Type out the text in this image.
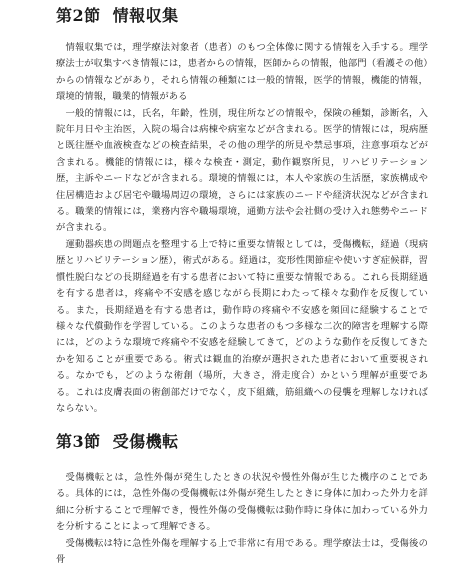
第2節 情報収集

情報収集では，理学療法対象者（患者）のもつ全体像に関する情報を入手する。理学療法士が収集すべき情報には，患者からの情報，医師からの情報，他部門（看護その他）からの情報などがあり，それら情報の種類には一般的情報，医学的情報，機能的情報，環境的情報，職業的情報がある

一般的情報には，氏名，年齢，性別，現住所などの情報や，保険の種類，診断名，入院年月日や主治医，入院の場合は病棟や病室などが含まれる。医学的情報には，現病歴と既往歴や血液検査などの検査結果，その他の理学的所見や禁忌事項，注意事項などが含まれる。機能的情報には，様々な検査・測定，動作観察所見，リハビリテーション歴，主訴やニードなどが含まれる。環境的情報には，本人や家族の生活歴，家族構成や住居構造および居宅や職場周辺の環境，さらには家族のニードや経済状況などが含まれる。職業的情報には，業務内容や職場環境，通勤方法や会社側の受け入れ態勢やニードが含まれる。

運動器疾患の問題点を整理する上で特に重要な情報としては，受傷機転，経過（現病歴とリハビリテーション歴），術式がある。経過は，変形性関節症や使いすぎ症候群，習慣性脱臼などの長期経過を有する患者において特に重要な情報である。これら長期経過を有する患者は，疼痛や不安感を感じながら長期にわたって様々な動作を反復している。また，長期経過を有する患者は，動作時の疼痛や不安感を頻回に経験することで様々な代償動作を学習している。このような患者のもつ多様な二次的障害を理解する際には，どのような環境で疼痛や不安感を経験してきて，どのような動作を反復してきたかを知ることが重要である。術式は観血的治療が選択された患者において重要視される。なかでも，どのような術創（場所，大きさ，滑走度合）かという理解が重要である。これは皮膚表面の術創部だけでなく，皮下組織，筋組織への侵襲を理解しなければならない。

第3節 受傷機転

受傷機転とは，急性外傷が発生したときの状況や慢性外傷が生じた機序のことである。具体的には，急性外傷の受傷機転は外傷が発生したときに身体に加わった外力を詳細に分析することで理解でき，慢性外傷の受傷機転は動作時に身体に加わっている外力を分析することによって理解できる。

受傷機転は特に急性外傷を理解する上で非常に有用である。理学療法士は，受傷後の骨
